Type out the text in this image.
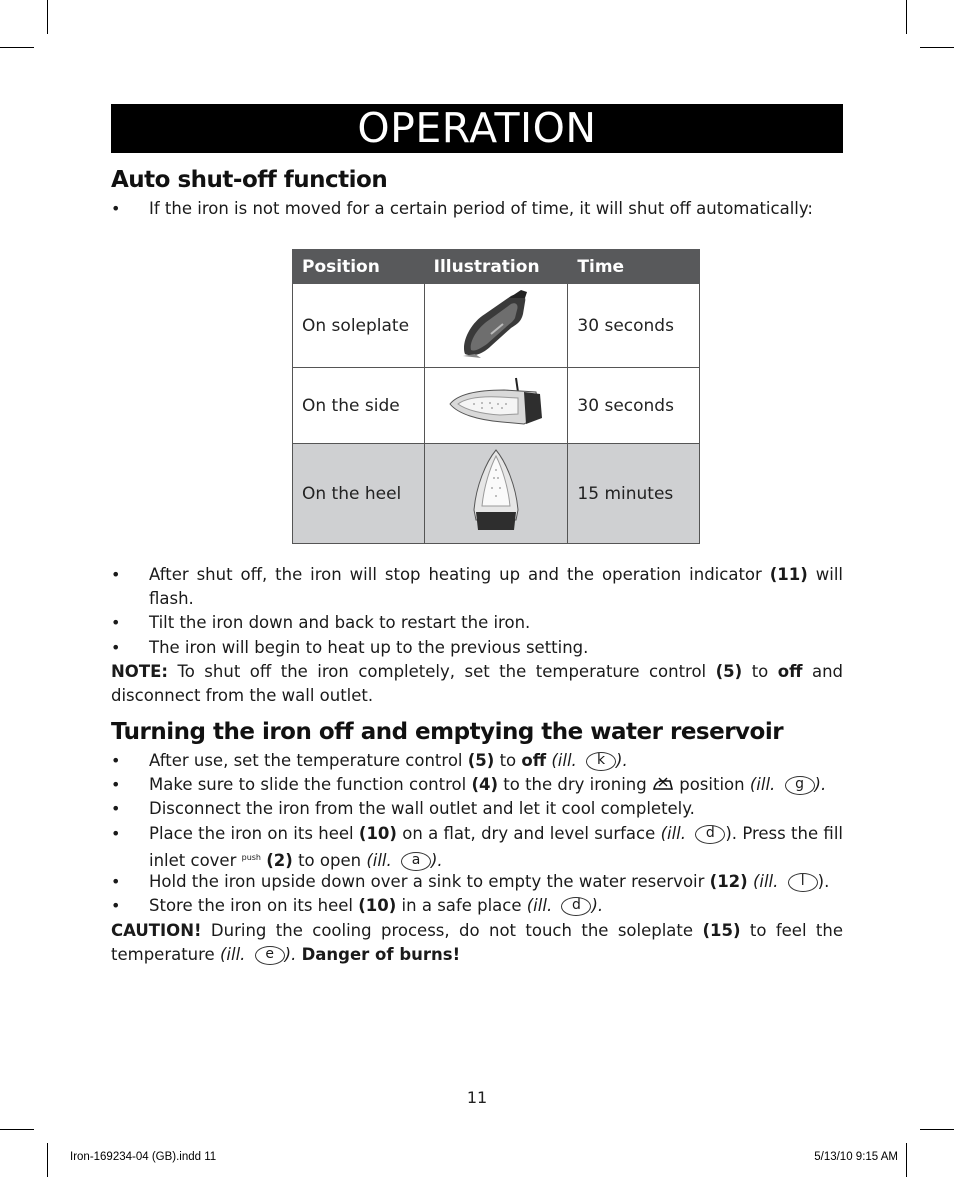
OPERATION
Auto shut-off function
• If the iron is not moved for a certain period of time, it will shut off automatically:
Position	Illustration	Time
On soleplate		30 seconds
On the side		30 seconds
On the heel		15 minutes
• After shut off, the iron will stop heating up and the operation indicator (11) will flash.
• Tilt the iron down and back to restart the iron.
• The iron will begin to heat up to the previous setting.
NOTE: To shut off the iron completely, set the temperature control (5) to off and disconnect from the wall outlet.
Turning the iron off and emptying the water reservoir
• After use, set the temperature control (5) to off (ill. k ).
• Make sure to slide the function control (4) to the dry ironing  position (ill. g ).
• Disconnect the iron from the wall outlet and let it cool completely.
• Place the iron on its heel (10) on a flat, dry and level surface (ill. d ). Press the fill inlet cover $^{push}$ (2) to open (ill. a ).
• Hold the iron upside down over a sink to empty the water reservoir (12) (ill. l ).
• Store the iron on its heel (10) in a safe place (ill. d ).
CAUTION! During the cooling process, do not touch the soleplate (15) to feel the temperature (ill. e ). Danger of burns!
11
Iron-169234-04 (GB).indd 11	5/13/10 9:15 AM
